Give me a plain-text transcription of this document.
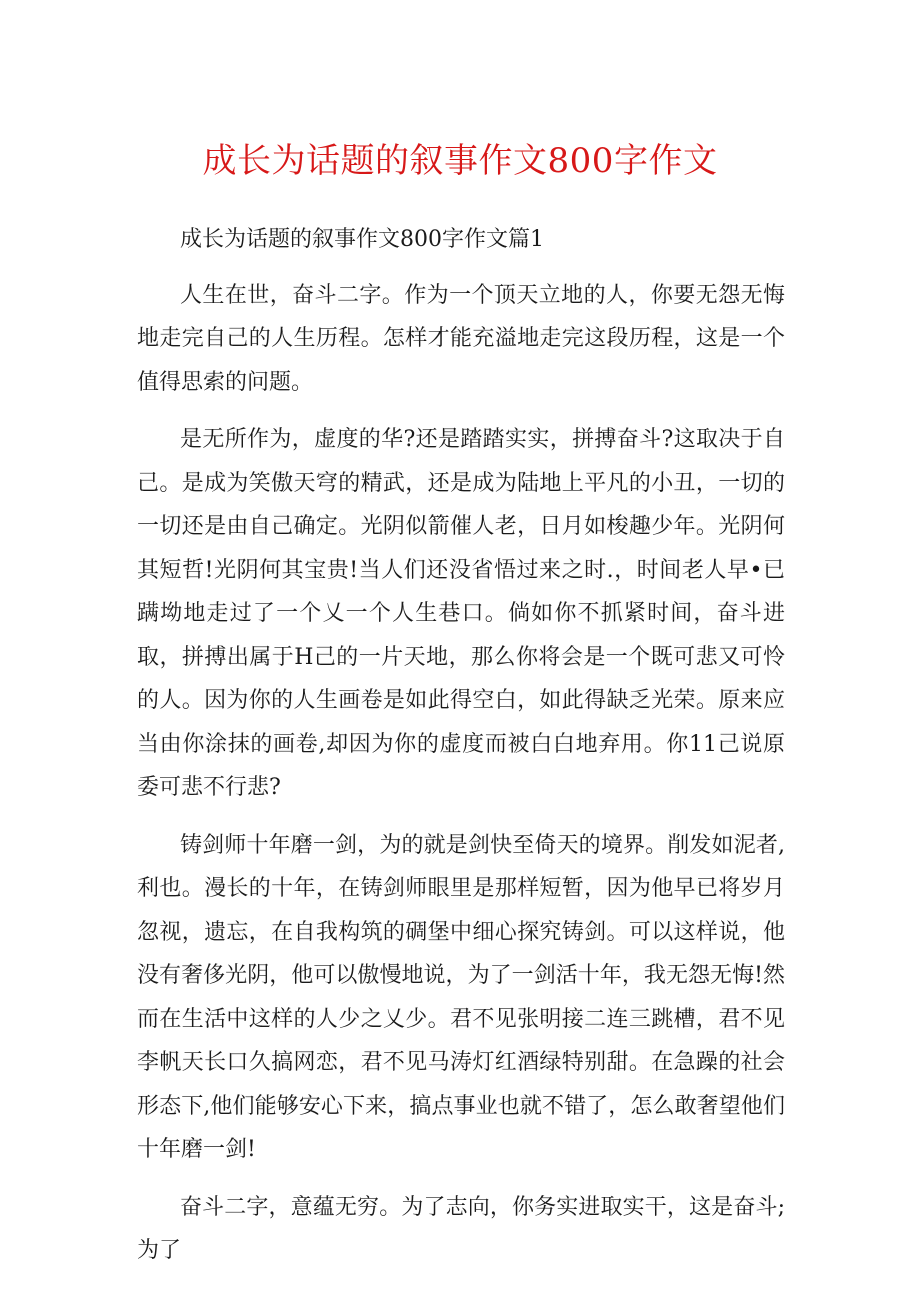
成长为话题的叙事作文800字作文

成长为话题的叙事作文800字作文篇1

人生在世，奋斗二字。作为一个顶天立地的人，你要无怨无悔地走完自己的人生历程。怎样才能充溢地走完这段历程，这是一个值得思索的问题。

是无所作为，虚度的华?还是踏踏实实，拼搏奋斗?这取决于自己。是成为笑傲天穹的精武，还是成为陆地上平凡的小丑，一切的一切还是由自己确定。光阴似箭催人老，日月如梭趣少年。光阴何其短哲!光阴何其宝贵!当人们还没省悟过来之时.，时间老人早•已蹒坳地走过了一个乂一个人生巷口。倘如你不抓紧时间，奋斗进取，拼搏出属于H己的一片天地，那么你将会是一个既可悲又可怜的人。因为你的人生画卷是如此得空白，如此得缺乏光荣。原来应当由你涂抹的画卷,却因为你的虚度而被白白地弃用。你11己说原委可悲不行悲?

铸剑师十年磨一剑，为的就是剑快至倚天的境界。削发如泥者,利也。漫长的十年，在铸剑师眼里是那样短暂，因为他早已将岁月忽视，遗忘，在自我构筑的碉堡中细心探究铸剑。可以这样说，他没有奢侈光阴，他可以傲慢地说，为了一剑活十年，我无怨无悔!然而在生活中这样的人少之乂少。君不见张明接二连三跳槽，君不见李帆天长口久搞网恋，君不见马涛灯红酒绿特别甜。在急躁的社会形态下,他们能够安心下来，搞点事业也就不错了，怎么敢奢望他们十年磨一剑!

奋斗二字，意蕴无穷。为了志向，你务实进取实干，这是奋斗;为了
